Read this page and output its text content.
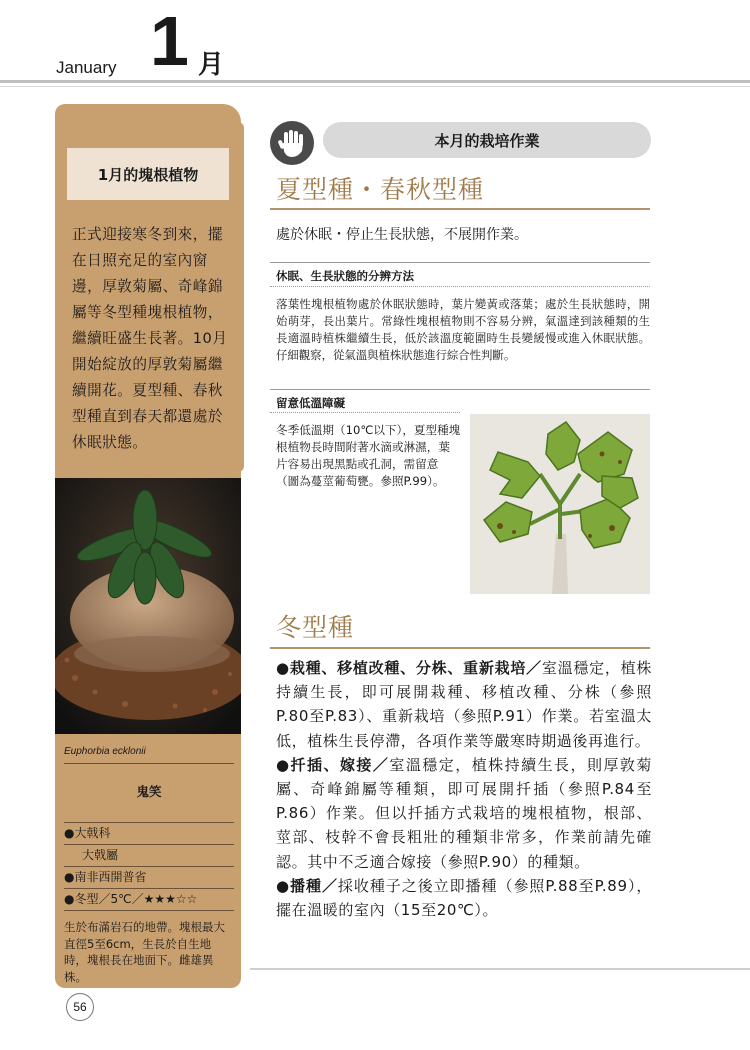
January 1 月
1月的塊根植物
正式迎接寒冬到來，擺在日照充足的室內窗邊，厚敦菊屬、奇峰錦屬等冬型種塊根植物，繼續旺盛生長著。10月開始綻放的厚敦菊屬繼續開花。夏型種、春秋型種直到春天都還處於休眠狀態。
Euphorbia ecklonii
鬼笑
●大戟科
大戟屬
●南非西開普省
●冬型／5℃／★★★☆☆
生於布滿岩石的地帶。塊根最大直徑5至6cm，生長於自生地時，塊根長在地面下。雌雄異株。
56
本月的栽培作業
夏型種・春秋型種
處於休眠・停止生長狀態，不展開作業。
休眠、生長狀態的分辨方法
落葉性塊根植物處於休眠狀態時，葉片變黃或落葉；處於生長狀態時，開始萌芽，長出葉片。常綠性塊根植物則不容易分辨，氣溫達到該種類的生長適溫時植株繼續生長，低於該溫度範圍時生長變緩慢或進入休眠狀態。仔細觀察，從氣溫與植株狀態進行綜合性判斷。
留意低溫障礙
冬季低溫期（10℃以下），夏型種塊根植物長時間附著水滴或淋濕，葉片容易出現黑點或孔洞，需留意（圖為蔓莖葡萄甕。參照P.99）。
冬型種

●栽種、移植改種、分株、重新栽培／室溫穩定，植株持續生長，即可展開栽種、移植改種、分株（參照P.80至P.83）、重新栽培（參照P.91）作業。若室溫太低，植株生長停滯，各項作業等嚴寒時期過後再進行。

●扦插、嫁接／室溫穩定，植株持續生長，則厚敦菊屬、奇峰錦屬等種類，即可展開扦插（參照P.84至P.86）作業。但以扦插方式栽培的塊根植物，根部、莖部、枝幹不會長粗壯的種類非常多，作業前請先確認。其中不乏適合嫁接（參照P.90）的種類。

●播種／採收種子之後立即播種（參照P.88至P.89），擺在溫暖的室內（15至20℃）。
